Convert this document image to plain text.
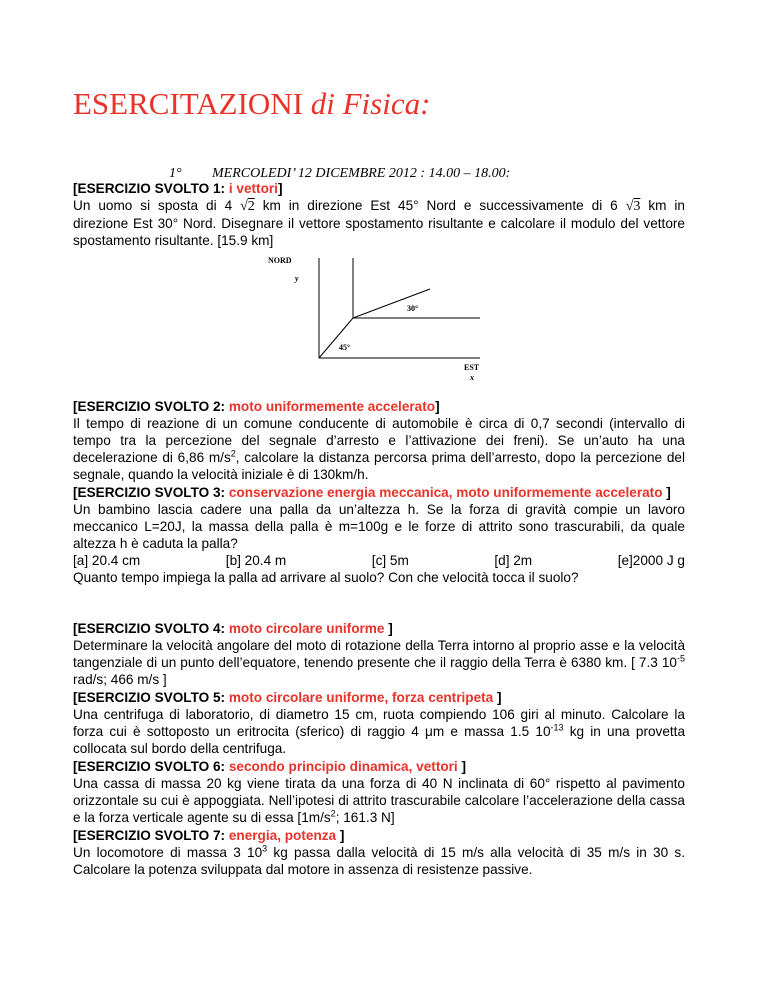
ESERCITAZIONI di Fisica:
1° MERCOLEDI’ 12 DICEMBRE 2012 : 14.00 – 18.00:

[ESERCIZIO SVOLTO 1: i vettori]

Un uomo si sposta di 4 √2 km in direzione Est 45° Nord e successivamente di 6 √3 km in

direzione Est 30° Nord. Disegnare il vettore spostamento risultante e calcolare il modulo del vettore spostamento risultante. [15.9 km]

NORD
y
30°
45°
EST
x

[ESERCIZIO SVOLTO 2: moto uniformemente accelerato]

Il tempo di reazione di un comune conducente di automobile è circa di 0,7 secondi (intervallo di tempo tra la percezione del segnale d’arresto e l’attivazione dei freni). Se un’auto ha una decelerazione di 6,86 $m/s^2$, calcolare la distanza percorsa prima dell’arresto, dopo la percezione del segnale, quando la velocità iniziale è di 130km/h.

[ESERCIZIO SVOLTO 3: conservazione energia meccanica, moto uniformemente accelerato ]

Un bambino lascia cadere una palla da un’altezza h. Se la forza di gravità compie un lavoro meccanico L=20J, la massa della palla è m=100g e le forze di attrito sono trascurabili, da quale altezza h è caduta la palla?

[a] 20.4 cm	[b] 20.4 m	[c] 5m	[d] 2m	[e]2000 J g

Quanto tempo impiega la palla ad arrivare al suolo? Con che velocità tocca il suolo?

[ESERCIZIO SVOLTO 4: moto circolare uniforme ]

Determinare la velocità angolare del moto di rotazione della Terra intorno al proprio asse e la velocità tangenziale di un punto dell’equatore, tenendo presente che il raggio della Terra è 6380 km. [ 7.3 $10^{-5}$ rad/s; 466 m/s ]

[ESERCIZIO SVOLTO 5: moto circolare uniforme, forza centripeta ]

Una centrifuga di laboratorio, di diametro 15 cm, ruota compiendo 106 giri al minuto. Calcolare la forza cui è sottoposto un eritrocita (sferico) di raggio 4 μm e massa 1.5 $10^{-13}$ kg in una provetta collocata sul bordo della centrifuga.

[ESERCIZIO SVOLTO 6: secondo principio dinamica, vettori ]

Una cassa di massa 20 kg viene tirata da una forza di 40 N inclinata di 60° rispetto al pavimento orizzontale su cui è appoggiata. Nell’ipotesi di attrito trascurabile calcolare l’accelerazione della cassa e la forza verticale agente su di essa [$1m/s^2$; 161.3 N]

[ESERCIZIO SVOLTO 7: energia, potenza ]

Un locomotore di massa 3 $10^3$ kg passa dalla velocità di 15 m/s alla velocità di 35 m/s in 30 s. Calcolare la potenza sviluppata dal motore in assenza di resistenze passive.
